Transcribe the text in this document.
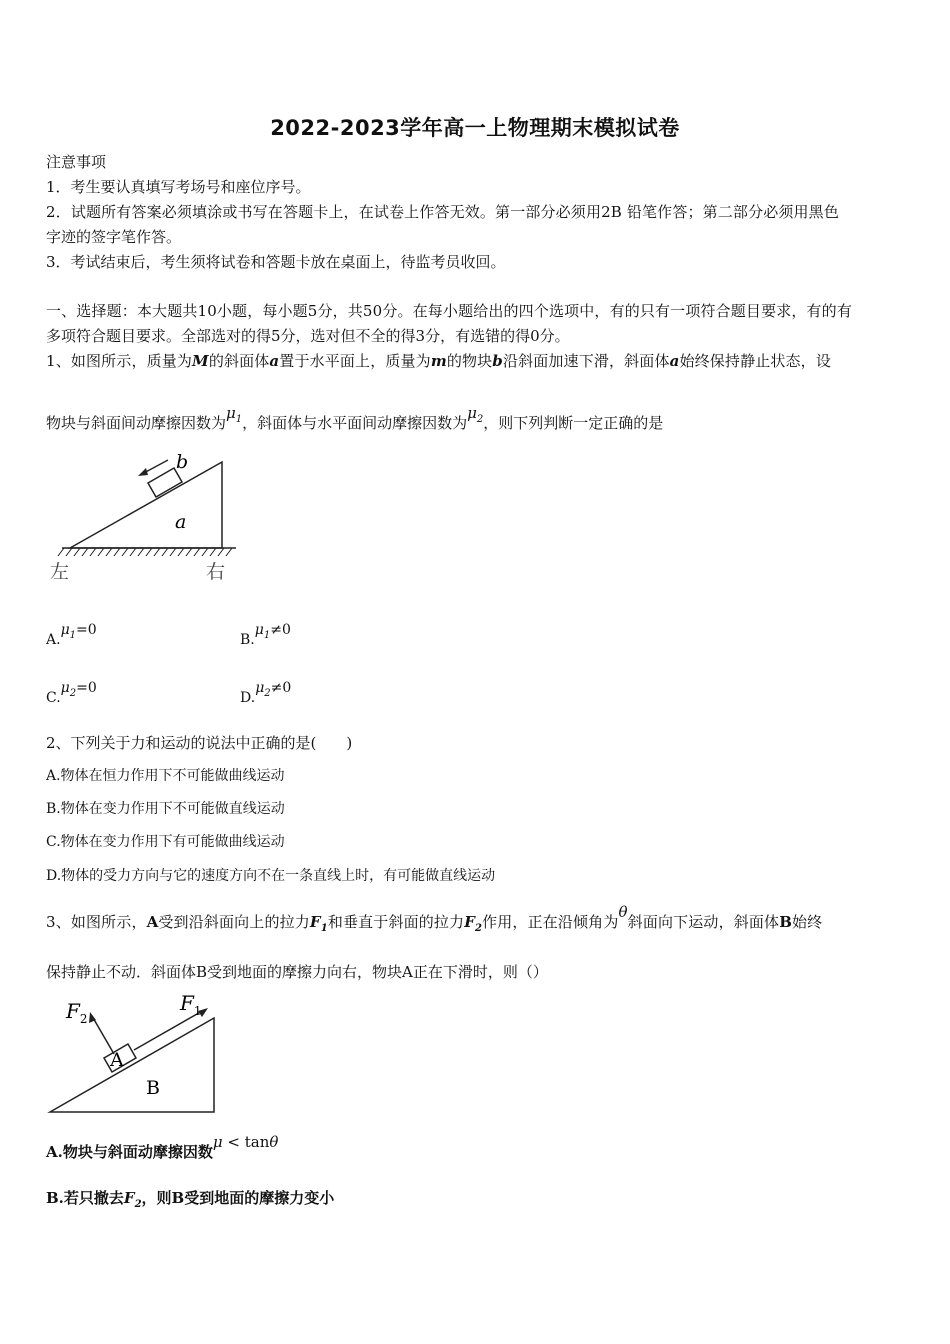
2022-2023学年高一上物理期末模拟试卷
注意事项
1．考生要认真填写考场号和座位序号。
2．试题所有答案必须填涂或书写在答题卡上，在试卷上作答无效。第一部分必须用2B 铅笔作答；第二部分必须用黑色
字迹的签字笔作答。
3．考试结束后，考生须将试卷和答题卡放在桌面上，待监考员收回。
一、选择题：本大题共10小题，每小题5分，共50分。在每小题给出的四个选项中，有的只有一项符合题目要求，有的有
多项符合题目要求。全部选对的得5分，选对但不全的得3分，有选错的得0分。
1、如图所示，质量为M的斜面体a置于水平面上，质量为m的物块b沿斜面加速下滑，斜面体a始终保持静止状态，设
物块与斜面间动摩擦因数为$\mu_1$，斜面体与水平面间动摩擦因数为$\mu_2$，则下列判断一定正确的是
b
a
左	右
$A.\mu_1=0$
$B.\mu_1\ne 0$
$C.\mu_2=0$
$D.\mu_2\ne 0$
2、下列关于力和运动的说法中正确的是(　　)
A.物体在恒力作用下不可能做曲线运动
B.物体在变力作用下不可能做直线运动
C.物体在变力作用下有可能做曲线运动
D.物体的受力方向与它的速度方向不在一条直线上时，有可能做直线运动
3、如图所示，A受到沿斜面向上的拉力$F_1$和垂直于斜面的拉力$F_2$作用，正在沿倾角为θ斜面向下运动，斜面体B始终
保持静止不动．斜面体B受到地面的摩擦力向右，物块A正在下滑时，则（）
$F_2$
$F_1$
A
B
A.物块与斜面动摩擦因数μ < tanθ
B.若只撤去$F_2$，则B受到地面的摩擦力变小
